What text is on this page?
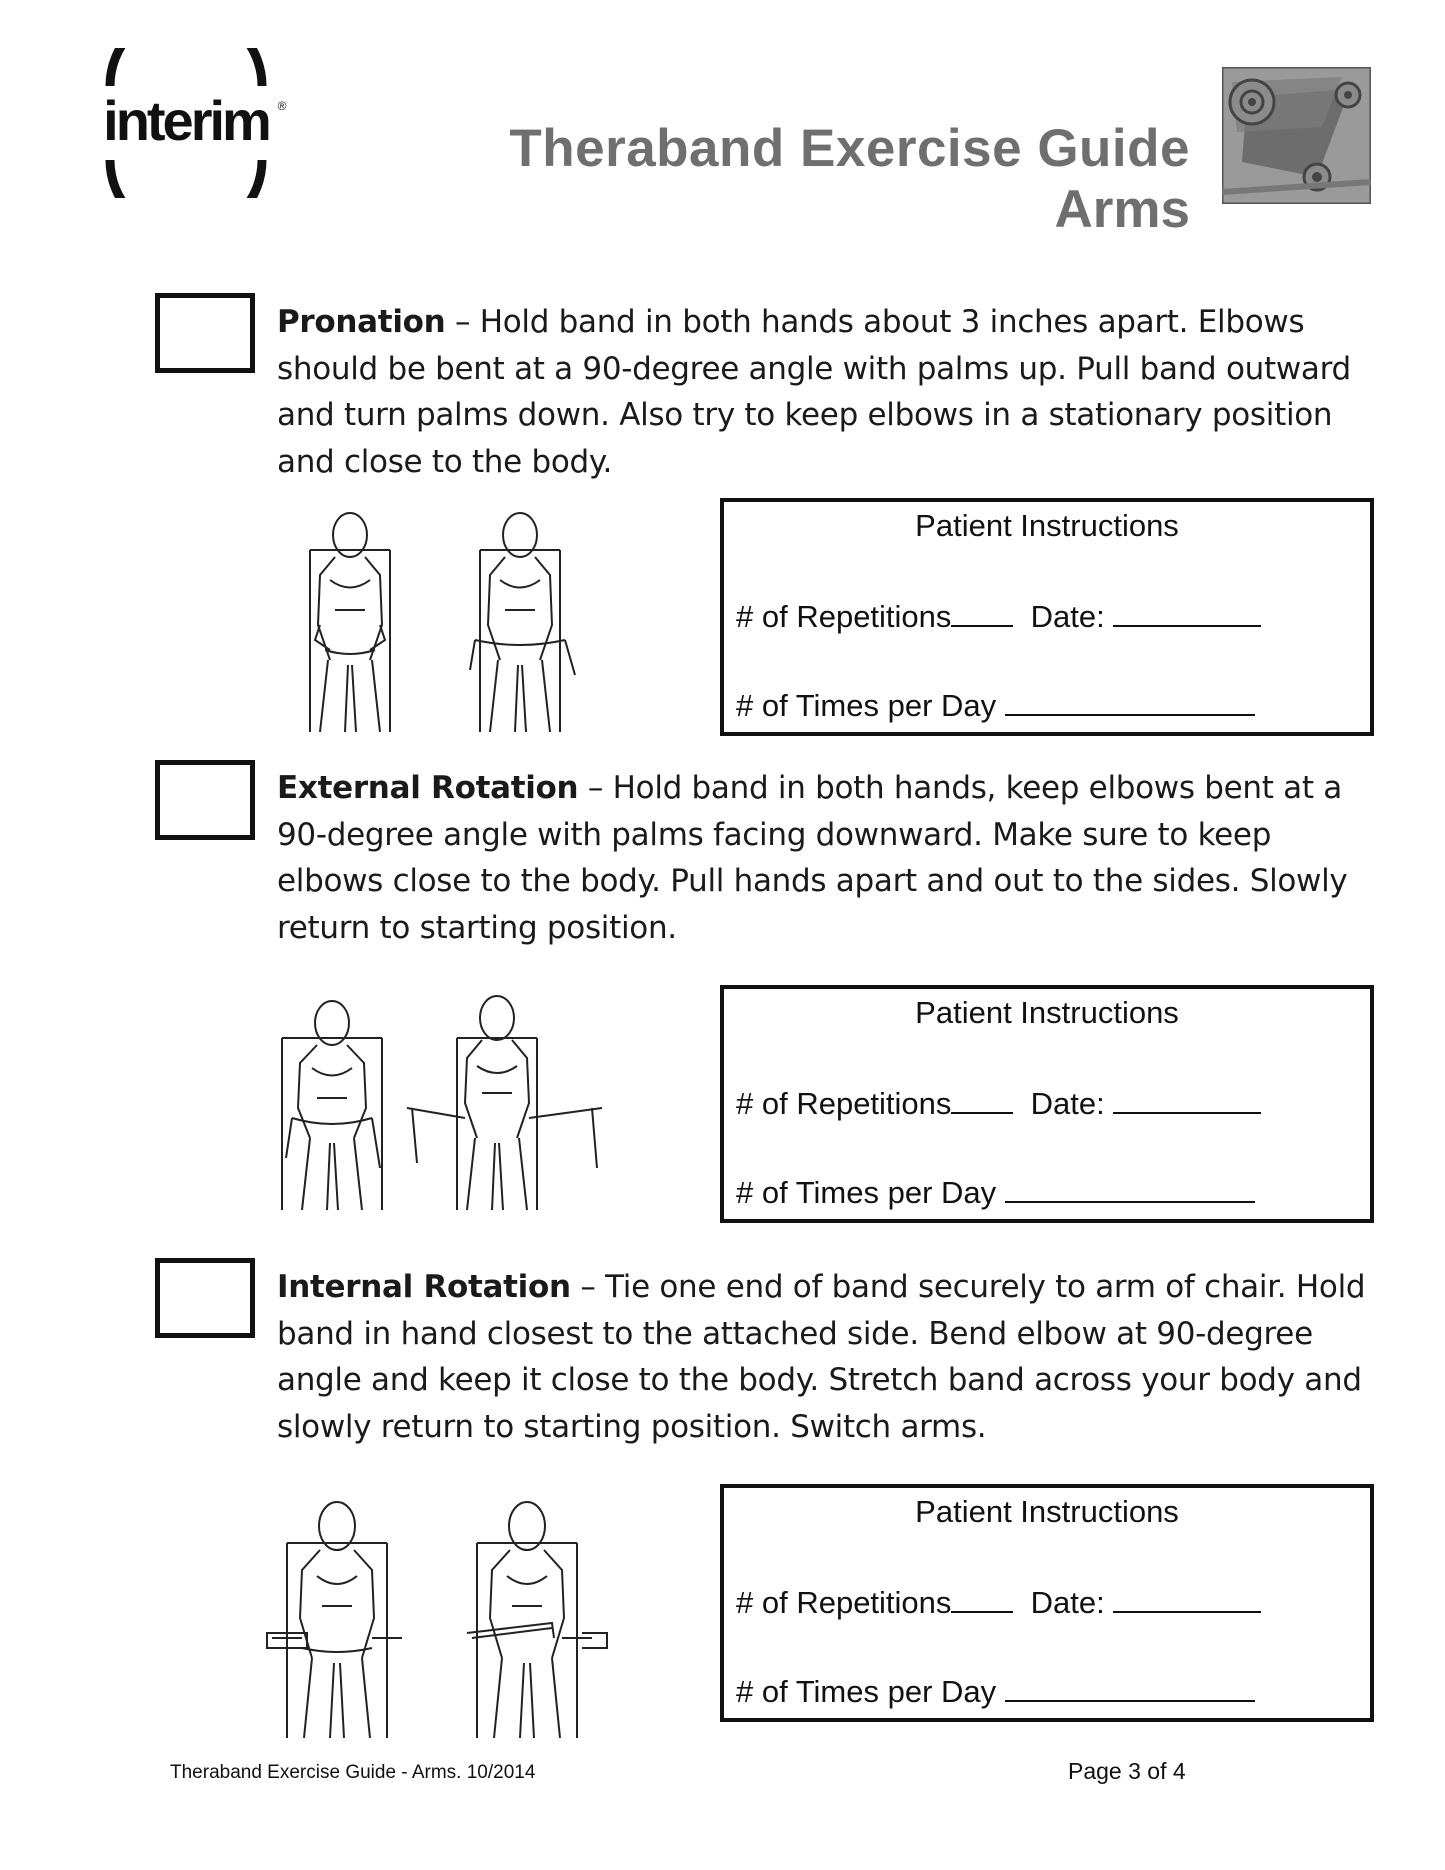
interim ®
Theraband Exercise Guide
Arms
Pronation – Hold band in both hands about 3 inches apart. Elbows should be bent at a 90-degree angle with palms up. Pull band outward and turn palms down. Also try to keep elbows in a stationary position and close to the body.
Patient Instructions
# of Repetitions	Date:
# of Times per Day
External Rotation – Hold band in both hands, keep elbows bent at a 90-degree angle with palms facing downward. Make sure to keep elbows close to the body. Pull hands apart and out to the sides. Slowly return to starting position.
Patient Instructions
# of Repetitions	Date:
# of Times per Day
Internal Rotation – Tie one end of band securely to arm of chair. Hold band in hand closest to the attached side. Bend elbow at 90-degree angle and keep it close to the body. Stretch band across your body and slowly return to starting position. Switch arms.
Patient Instructions
# of Repetitions	Date:
# of Times per Day
Theraband Exercise Guide - Arms. 10/2014	Page 3 of 4
